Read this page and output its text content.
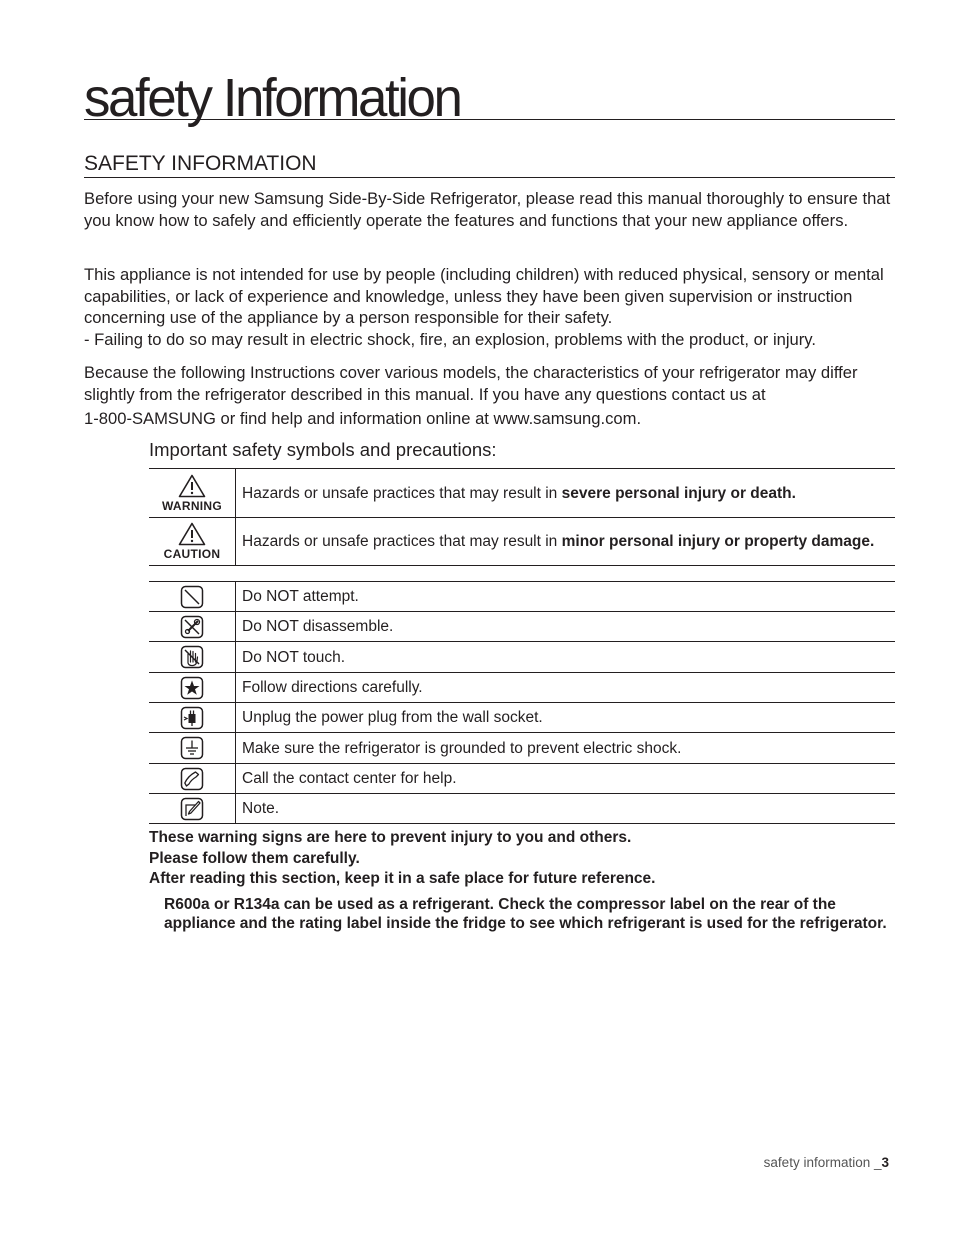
safety Information
SAFETY INFORMATION

Before using your new Samsung Side-By-Side Refrigerator, please read this manual thoroughly to ensure that you know how to safely and efficiently operate the features and functions that your new appliance offers.

This appliance is not intended for use by people (including children) with reduced physical, sensory or mental capabilities, or lack of experience and knowledge, unless they have been given supervision or instruction concerning use of the appliance by a person responsible for their safety.
- Failing to do so may result in electric shock, fire, an explosion, problems with the product, or injury.
Because the following Instructions cover various models, the characteristics of your refrigerator may differ slightly from the refrigerator described in this manual. If you have any questions contact us at
1-800-SAMSUNG or find help and information online at www.samsung.com.
Important safety symbols and precautions:
WARNING	Hazards or unsafe practices that may result in severe personal injury or death.

CAUTION	Hazards or unsafe practices that may result in minor personal injury or property damage.
	Do NOT attempt.

	Do NOT disassemble.

	Do NOT touch.

	Follow directions carefully.

	Unplug the power plug from the wall socket.

	Make sure the refrigerator is grounded to prevent electric shock.

	Call the contact center for help.

	Note.
These warning signs are here to prevent injury to you and others.
Please follow them carefully.
After reading this section, keep it in a safe place for future reference.

R600a or R134a can be used as a refrigerant. Check the compressor label on the rear of the appliance and the rating label inside the fridge to see which refrigerant is used for the refrigerator.

safety information _3
